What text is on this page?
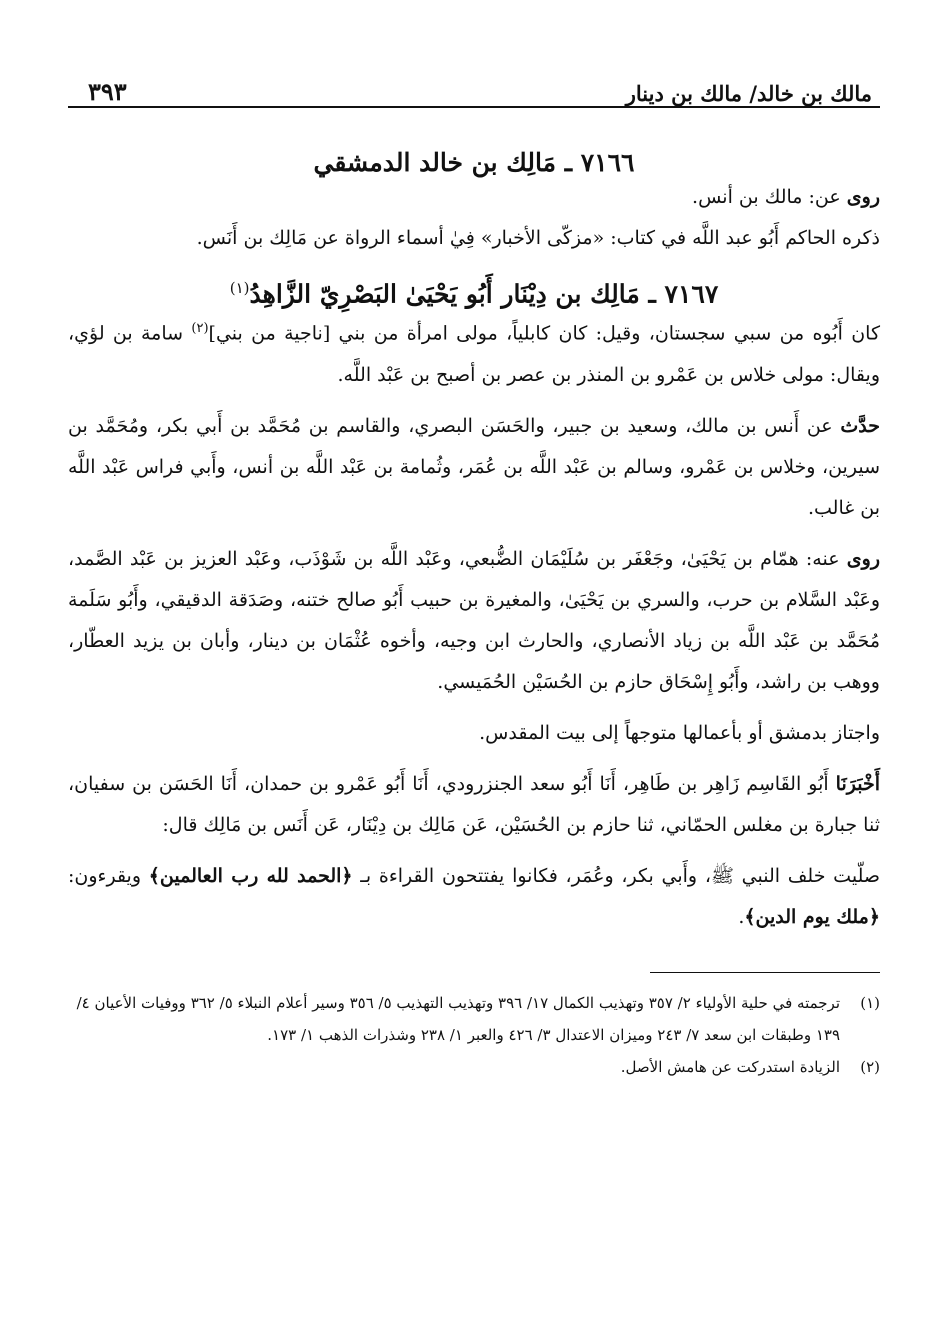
مالك بن خالد/ مالك بن دينار
٣٩٣
٧١٦٦ ـ مَالِك بن خالد الدمشقي

روى عن: مالك بن أنس.

ذكره الحاكم أَبُو عبد اللَّه في كتاب: «مزكّى الأخبار» فِيٰ أسماء الرواة عن مَالِك بن أَنَس.

٧١٦٧ ـ مَالِك بن دِيْنَار أَبُو يَحْيَىٰ البَصْرِيّ الزَّاهِدُ$^{(١)}$

كان أَبُوه من سبي سجستان، وقيل: كان كابلياً، مولى امرأة من بني [ناجية من بني]$^{(٢)}$ سامة بن لؤي، ويقال: مولى خلاس بن عَمْرو بن المنذر بن عصر بن أصبح بن عَبْد اللَّه.

حدَّث عن أَنس بن مالك، وسعيد بن جبير، والحَسَن البصري، والقاسم بن مُحَمَّد بن أَبي بكر، ومُحَمَّد بن سيرين، وخلاس بن عَمْرو، وسالم بن عَبْد اللَّه بن عُمَر، وثُمامة بن عَبْد اللَّه بن أنس، وأَبي فراس عَبْد اللَّه بن غالب.

روى عنه: همّام بن يَحْيَىٰ، وجَعْفَر بن سُلَيْمَان الضُّبعي، وعَبْد اللَّه بن شَوْذَب، وعَبْد العزيز بن عَبْد الصَّمد، وعَبْد السَّلام بن حرب، والسري بن يَحْيَىٰ، والمغيرة بن حبيب أَبُو صالح ختنه، وصَدَقة الدقيقي، وأَبُو سَلَمة مُحَمَّد بن عَبْد اللَّه بن زياد الأنصاري، والحارث ابن وجيه، وأخوه عُثْمَان بن دينار، وأبان بن يزيد العطّار، ووهب بن راشد، وأَبُو إِسْحَاق حازم بن الحُسَيْن الحُمَيسي.

واجتاز بدمشق أو بأعمالها متوجهاً إلى بيت المقدس.

أَخْبَرَنَا أَبُو القَاسِم زَاهِر بن طَاهِر، أَنَا أَبُو سعد الجنزرودي، أَنَا أَبُو عَمْرو بن حمدان، أَنَا الحَسَن بن سفيان، ثنا جبارة بن مغلس الحمّاني، ثنا حازم بن الحُسَيْن، عَن مَالِك بن دِيْنَار، عَن أَنَس بن مَالِك قال:

صلّيت خلف النبي ﷺ، وأَبي بكر، وعُمَر، فكانوا يفتتحون القراءة بـ ﴿الحمد لله رب العالمين﴾ ويقرءون: ﴿ملك يوم الدين﴾.

(١)
ترجمته في حلية الأولياء ٢/ ٣٥٧ وتهذيب الكمال ١٧/ ٣٩٦ وتهذيب التهذيب ٥/ ٣٥٦ وسير أعلام النبلاء ٥/ ٣٦٢ ووفيات الأعيان ٤/ ١٣٩ وطبقات ابن سعد ٧/ ٢٤٣ وميزان الاعتدال ٣/ ٤٢٦ والعبر ١/ ٢٣٨ وشذرات الذهب ١/ ١٧٣.
(٢)
الزيادة استدركت عن هامش الأصل.
